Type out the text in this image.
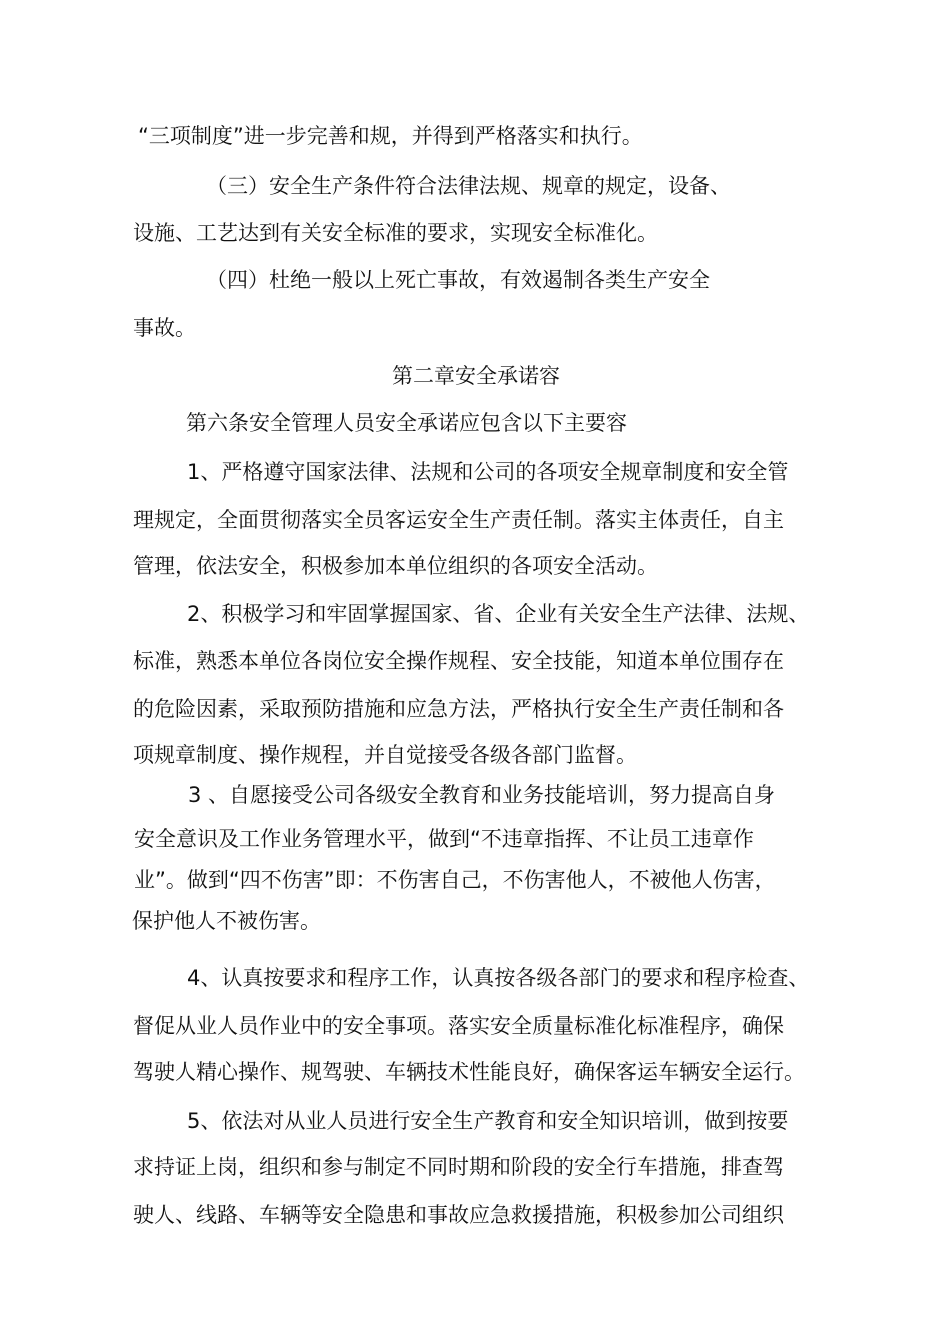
“三项制度”进一步完善和规，并得到严格落实和执行。
（三）安全生产条件符合法律法规、规章的规定，设备、
设施、工艺达到有关安全标准的要求，实现安全标准化。
（四）杜绝一般以上死亡事故，有效遏制各类生产安全
事故。
第二章安全承诺容
第六条安全管理人员安全承诺应包含以下主要容
1、严格遵守国家法律、法规和公司的各项安全规章制度和安全管
理规定，全面贯彻落实全员客运安全生产责任制。落实主体责任，自主
管理，依法安全，积极参加本单位组织的各项安全活动。
2、积极学习和牢固掌握国家、省、企业有关安全生产法律、法规、
标准，熟悉本单位各岗位安全操作规程、安全技能，知道本单位围存在
的危险因素，采取预防措施和应急方法，严格执行安全生产责任制和各
项规章制度、操作规程，并自觉接受各级各部门监督。
3 、自愿接受公司各级安全教育和业务技能培训，努力提高自身
安全意识及工作业务管理水平，做到“不违章指挥、不让员工违章作
业”。做到“四不伤害”即：不伤害自己，不伤害他人，不被他人伤害，
保护他人不被伤害。
4、认真按要求和程序工作，认真按各级各部门的要求和程序检查、
督促从业人员作业中的安全事项。落实安全质量标准化标准程序，确保
驾驶人精心操作、规驾驶、车辆技术性能良好，确保客运车辆安全运行。
5、依法对从业人员进行安全生产教育和安全知识培训，做到按要
求持证上岗，组织和参与制定不同时期和阶段的安全行车措施，排查驾
驶人、线路、车辆等安全隐患和事故应急救援措施，积极参加公司组织
